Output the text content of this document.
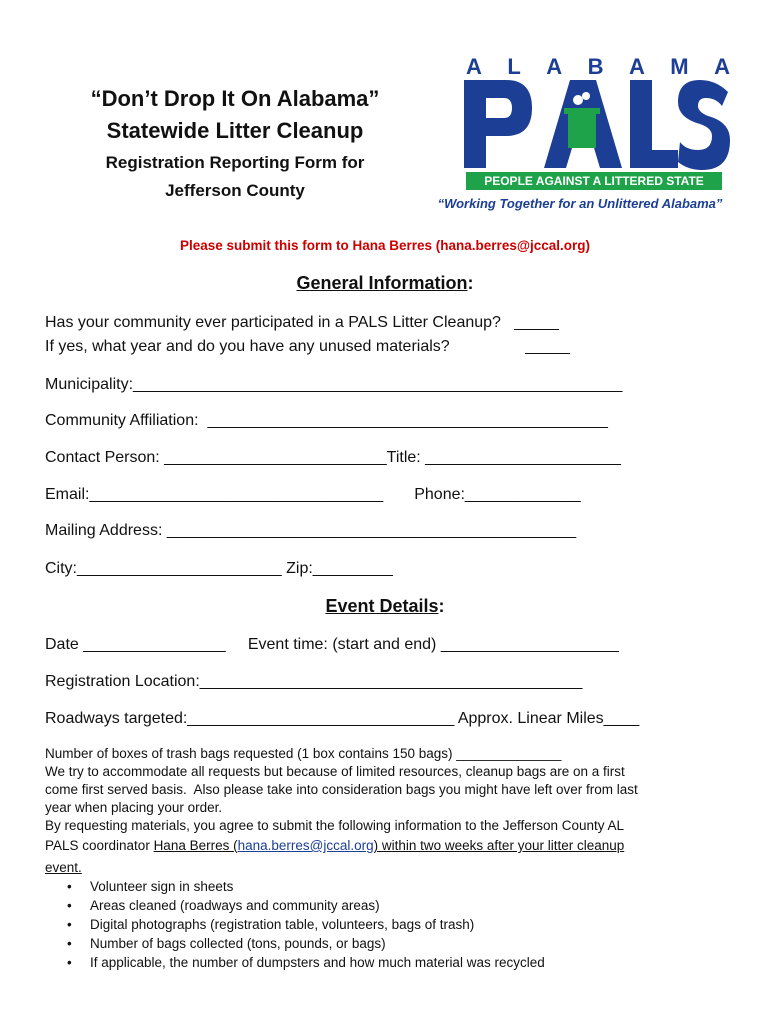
“Don’t Drop It On Alabama”
Statewide Litter Cleanup
Registration Reporting Form for
Jefferson County
A L A B A M A
PEOPLE AGAINST A LITTERED STATE
“Working Together for an Unlittered Alabama”
Please submit this form to Hana Berres (hana.berres@jccal.org)
General Information:
Has your community ever participated in a PALS Litter Cleanup?   _____
If yes, what year and do you have any unused materials?                 _____
Municipality:_______________________________________________________
Community Affiliation:  _____________________________________________
Contact Person: _________________________Title: ______________________
Email:_________________________________       Phone:_____________
Mailing Address: ______________________________________________
City:_______________________ Zip:_________
Event Details:
Date ________________     Event time: (start and end) ____________________
Registration Location:___________________________________________
Roadways targeted:______________________________ Approx. Linear Miles____
Number of boxes of trash bags requested (1 box contains 150 bags) ______________
We try to accommodate all requests but because of limited resources, cleanup bags are on a first
come first served basis.  Also please take into consideration bags you might have left over from last
year when placing your order.
By requesting materials, you agree to submit the following information to the Jefferson County AL
PALS coordinator Hana Berres (hana.berres@jccal.org) within two weeks after your litter cleanup
event.
• Volunteer sign in sheets
• Areas cleaned (roadways and community areas)
• Digital photographs (registration table, volunteers, bags of trash)
• Number of bags collected (tons, pounds, or bags)
• If applicable, the number of dumpsters and how much material was recycled
